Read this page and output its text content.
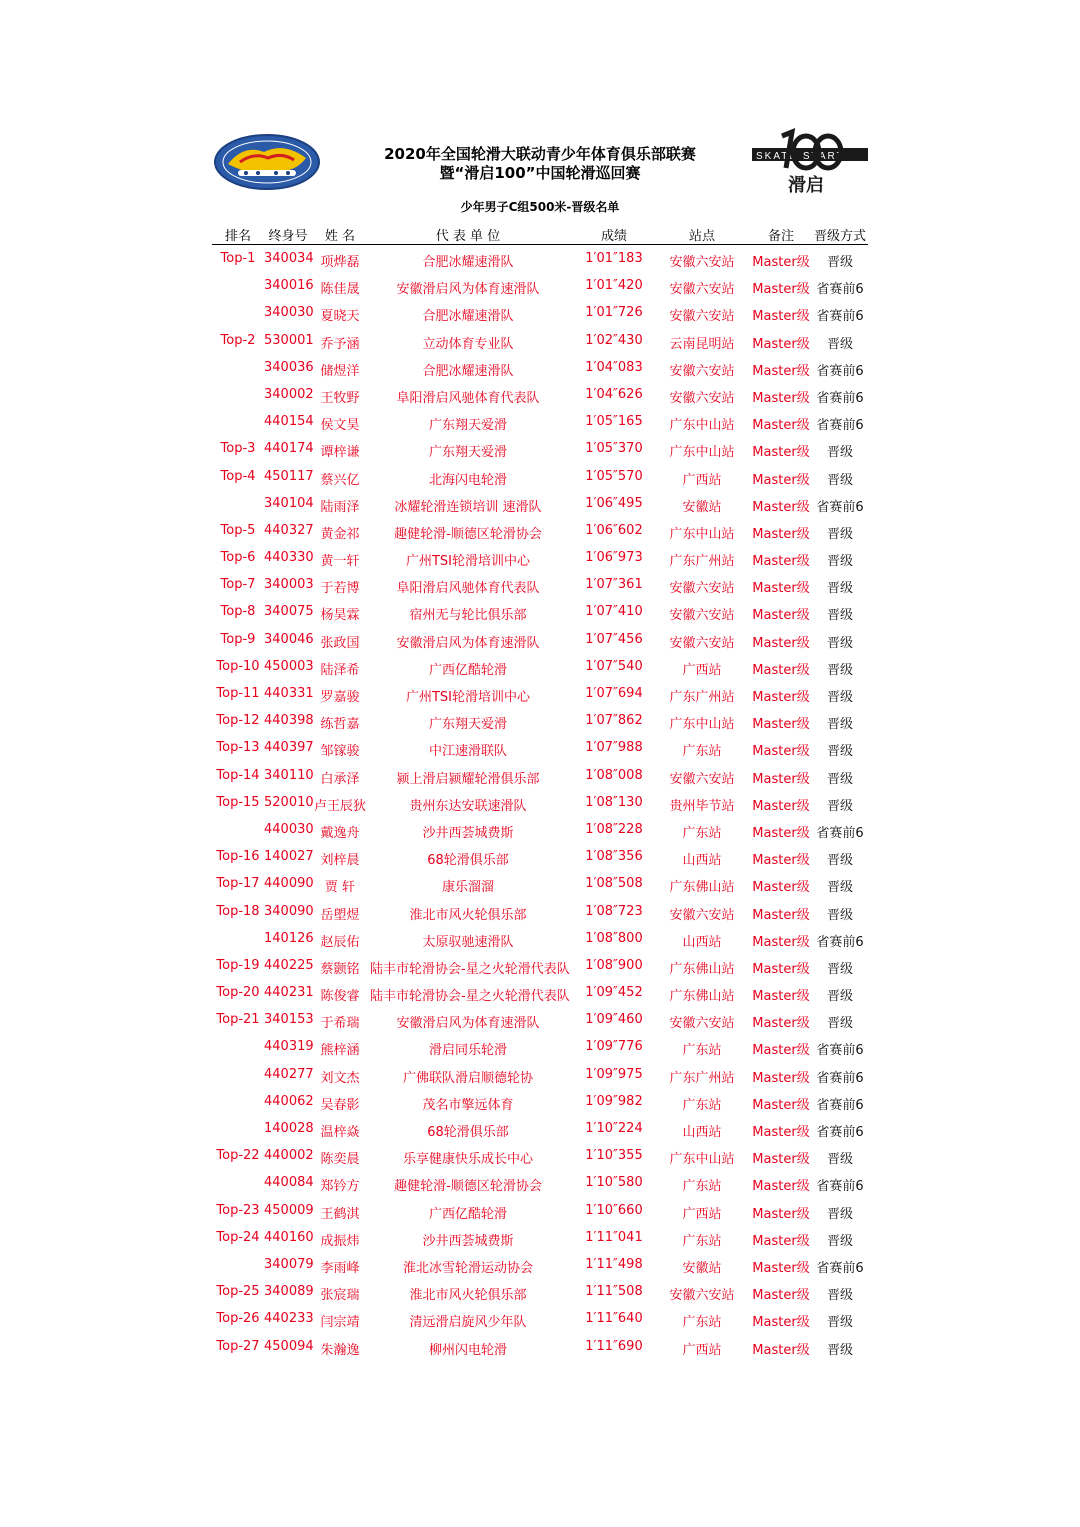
SKATE START
滑启
2020年全国轮滑大联动青少年体育俱乐部联赛
暨“滑启100”中国轮滑巡回赛
少年男子C组500米-晋级名单
排名	终身号	姓 名	代 表 单 位	成绩	站点	备注	晋级方式
Top-1 340034 项烨磊	合肥冰耀速滑队	1′01″183	安徽六安站	Master级	晋级
340016 陈佳晟	安徽滑启风为体育速滑队	1′01″420	安徽六安站	Master级 省赛前6
340030 夏晓天	合肥冰耀速滑队	1′01″726	安徽六安站	Master级 省赛前6
Top-2 530001 乔予涵	立动体育专业队	1′02″430	云南昆明站	Master级	晋级
340036 储煜洋	合肥冰耀速滑队	1′04″083	安徽六安站	Master级 省赛前6
340002 王牧野	阜阳滑启风驰体育代表队	1′04″626	安徽六安站	Master级 省赛前6
440154 侯文昊	广东翔天爱滑	1′05″165	广东中山站	Master级 省赛前6
Top-3 440174 谭梓谦	广东翔天爱滑	1′05″370	广东中山站	Master级	晋级
Top-4 450117 蔡兴亿	北海闪电轮滑	1′05″570	广西站	Master级	晋级
340104 陆雨泽	冰耀轮滑连锁培训 速滑队	1′06″495	安徽站	Master级 省赛前6
Top-5 440327 黄金祁	趣健轮滑-顺德区轮滑协会	1′06″602	广东中山站	Master级	晋级
Top-6 440330 黄一轩	广州TSI轮滑培训中心	1′06″973	广东广州站	Master级	晋级
Top-7 340003 于若博	阜阳滑启风驰体育代表队	1′07″361	安徽六安站	Master级	晋级
Top-8 340075 杨昊霖	宿州无与轮比俱乐部	1′07″410	安徽六安站	Master级	晋级
Top-9 340046 张政国	安徽滑启风为体育速滑队	1′07″456	安徽六安站	Master级	晋级
Top-10 450003 陆泽希	广西亿酷轮滑	1′07″540	广西站	Master级	晋级
Top-11 440331 罗嘉骏	广州TSI轮滑培训中心	1′07″694	广东广州站	Master级	晋级
Top-12 440398 练哲嘉	广东翔天爱滑	1′07″862	广东中山站	Master级	晋级
Top-13 440397 邹镓骏	中江速滑联队	1′07″988	广东站	Master级	晋级
Top-14 340110 白承泽	颍上滑启颍耀轮滑俱乐部	1′08″008	安徽六安站	Master级	晋级
Top-15 520010 卢王辰狄	贵州东达安联速滑队	1′08″130	贵州毕节站	Master级	晋级
440030 戴逸舟	沙井西荟城费斯	1′08″228	广东站	Master级 省赛前6
Top-16 140027 刘梓晨	68轮滑俱乐部	1′08″356	山西站	Master级	晋级
Top-17 440090 贾 轩	康乐溜溜	1′08″508	广东佛山站	Master级	晋级
Top-18 340090 岳塱煜	淮北市风火轮俱乐部	1′08″723	安徽六安站	Master级	晋级
140126 赵辰佑	太原驭驰速滑队	1′08″800	山西站	Master级 省赛前6
Top-19 440225 蔡颢铭 陆丰市轮滑协会-星之火轮滑代表队	1′08″900	广东佛山站	Master级	晋级
Top-20 440231 陈俊睿 陆丰市轮滑协会-星之火轮滑代表队	1′09″452	广东佛山站	Master级	晋级
Top-21 340153 于希瑞	安徽滑启风为体育速滑队	1′09″460	安徽六安站	Master级	晋级
440319 熊梓涵	滑启同乐轮滑	1′09″776	广东站	Master级 省赛前6
440277 刘文杰	广佛联队滑启顺德轮协	1′09″975	广东广州站	Master级 省赛前6
440062 吴春影	茂名市擎远体育	1′09″982	广东站	Master级 省赛前6
140028 温梓焱	68轮滑俱乐部	1′10″224	山西站	Master级 省赛前6
Top-22 440002 陈奕晨	乐享健康快乐成长中心	1′10″355	广东中山站	Master级	晋级
440084 郑钤方	趣健轮滑-顺德区轮滑协会	1′10″580	广东站	Master级 省赛前6
Top-23 450009 王鹤淇	广西亿酷轮滑	1′10″660	广西站	Master级	晋级
Top-24 440160 成振炜	沙井西荟城费斯	1′11″041	广东站	Master级	晋级
340079 李雨峰	淮北冰雪轮滑运动协会	1′11″498	安徽站	Master级 省赛前6
Top-25 340089 张宸瑞	淮北市风火轮俱乐部	1′11″508	安徽六安站	Master级	晋级
Top-26 440233 闫宗靖	清远滑启旋风少年队	1′11″640	广东站	Master级	晋级
Top-27 450094 朱瀚逸	柳州闪电轮滑	1′11″690	广西站	Master级	晋级
